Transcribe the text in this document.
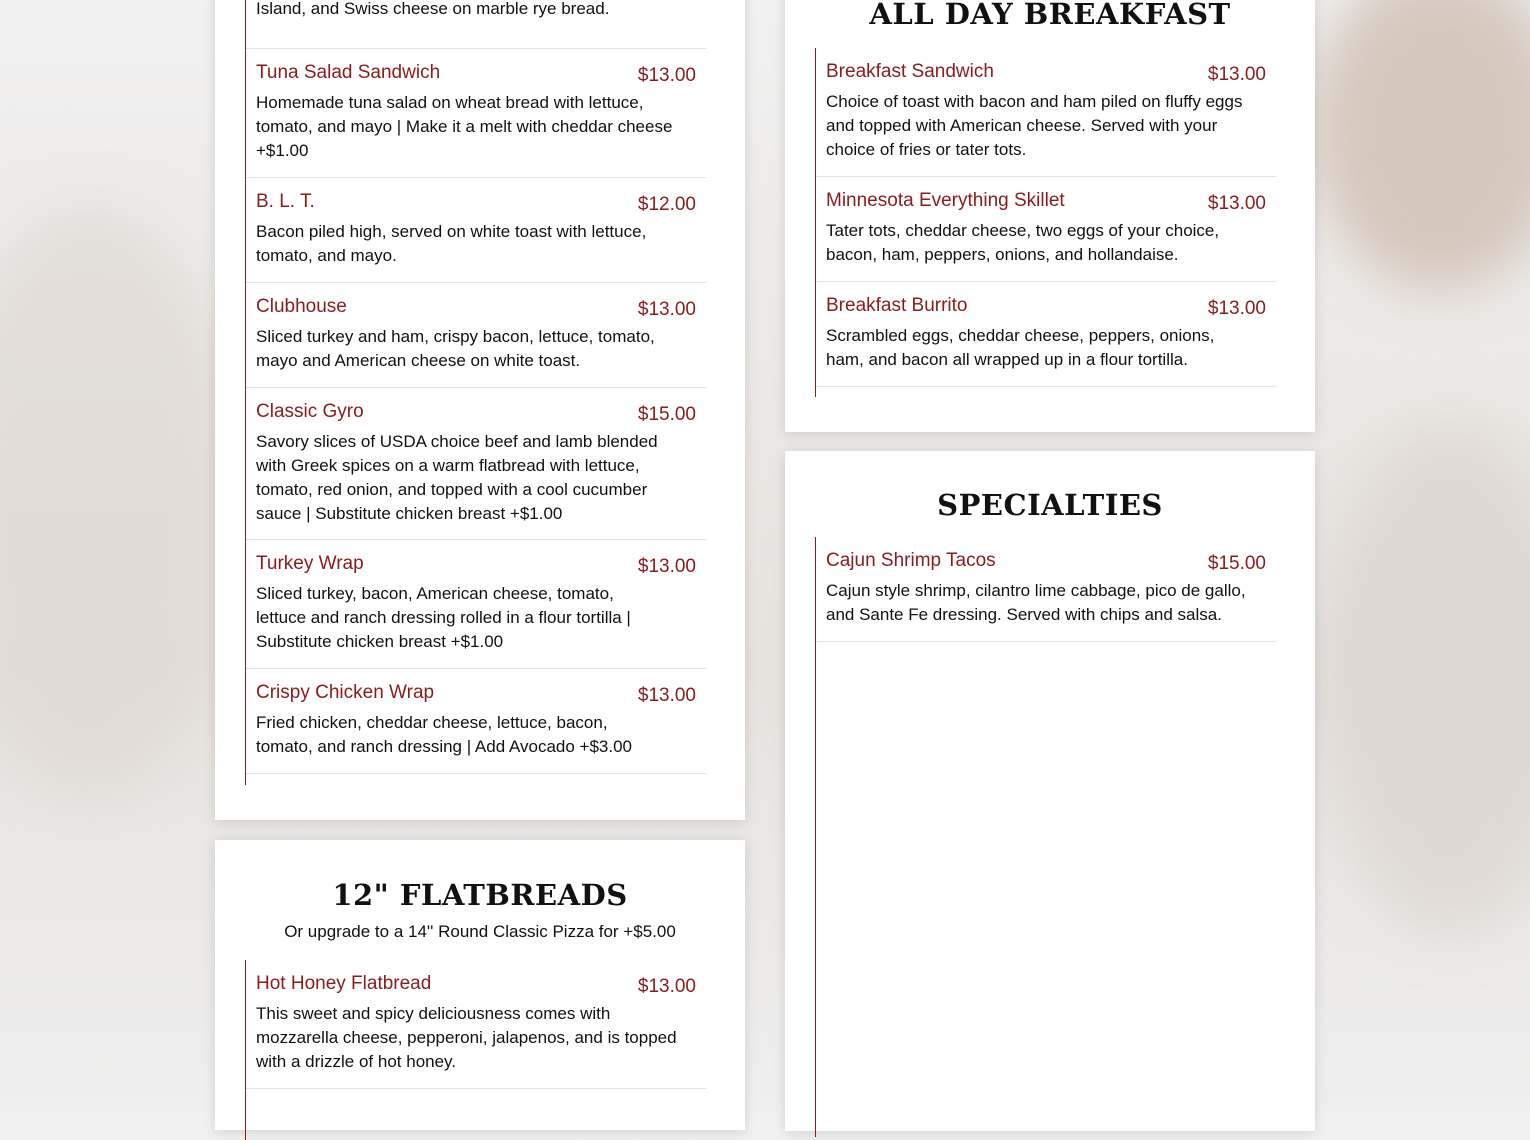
Island, and Swiss cheese on marble rye bread.

Tuna Salad Sandwich	$13.00

Homemade tuna salad on wheat bread with lettuce, tomato, and mayo | Make it a melt with cheddar cheese +$1.00

B. L. T.	$12.00

Bacon piled high, served on white toast with lettuce, tomato, and mayo.

Clubhouse	$13.00

Sliced turkey and ham, crispy bacon, lettuce, tomato, mayo and American cheese on white toast.

Classic Gyro	$15.00

Savory slices of USDA choice beef and lamb blended with Greek spices on a warm flatbread with lettuce, tomato, red onion, and topped with a cool cucumber sauce | Substitute chicken breast +$1.00

Turkey Wrap	$13.00

Sliced turkey, bacon, American cheese, tomato, lettuce and ranch dressing rolled in a flour tortilla | Substitute chicken breast +$1.00

Crispy Chicken Wrap	$13.00

Fried chicken, cheddar cheese, lettuce, bacon, tomato, and ranch dressing | Add Avocado +$3.00

12" FLATBREADS
Or upgrade to a 14'' Round Classic Pizza for +$5.00

Hot Honey Flatbread	$13.00

This sweet and spicy deliciousness comes with mozzarella cheese, pepperoni, jalapenos, and is topped with a drizzle of hot honey.

ALL DAY BREAKFAST

Breakfast Sandwich	$13.00

Choice of toast with bacon and ham piled on fluffy eggs and topped with American cheese. Served with your choice of fries or tater tots.

Minnesota Everything Skillet	$13.00

Tater tots, cheddar cheese, two eggs of your choice, bacon, ham, peppers, onions, and hollandaise.

Breakfast Burrito	$13.00

Scrambled eggs, cheddar cheese, peppers, onions, ham, and bacon all wrapped up in a flour tortilla.

SPECIALTIES

Cajun Shrimp Tacos	$15.00

Cajun style shrimp, cilantro lime cabbage, pico de gallo, and Sante Fe dressing. Served with chips and salsa.
